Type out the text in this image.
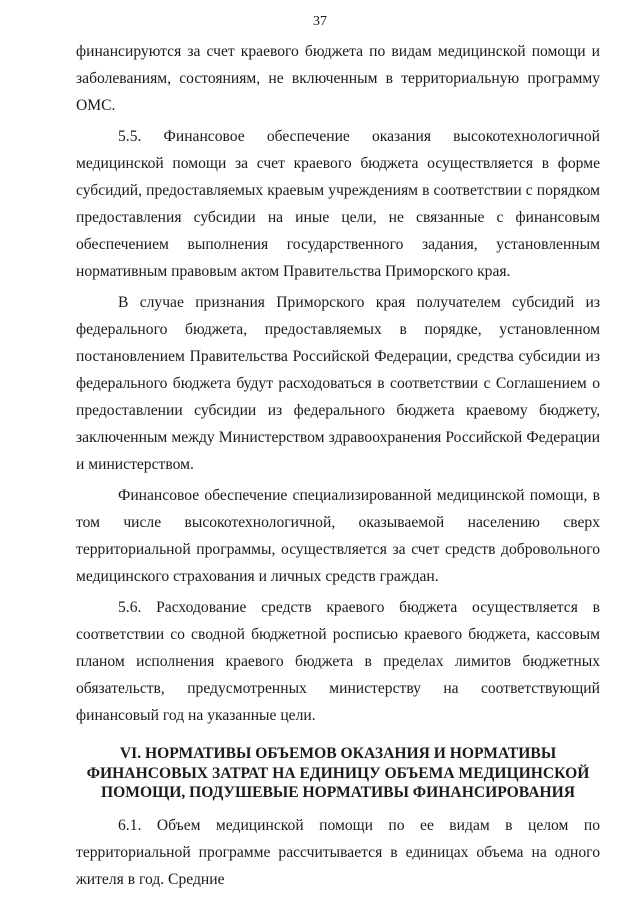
37

финансируются за счет краевого бюджета по видам медицинской помощи и заболеваниям, состояниям, не включенным в территориальную программу ОМС.

5.5. Финансовое обеспечение оказания высокотехнологичной медицинской помощи за счет краевого бюджета осуществляется в форме субсидий, предоставляемых краевым учреждениям в соответствии с порядком предоставления субсидии на иные цели, не связанные с финансовым обеспечением выполнения государственного задания, установленным нормативным правовым актом Правительства Приморского края.

В случае признания Приморского края получателем субсидий из федерального бюджета, предоставляемых в порядке, установленном постановлением Правительства Российской Федерации, средства субсидии из федерального бюджета будут расходоваться в соответствии с Соглашением о предоставлении субсидии из федерального бюджета краевому бюджету, заключенным между Министерством здравоохранения Российской Федерации и министерством.

Финансовое обеспечение специализированной медицинской помощи, в том числе высокотехнологичной, оказываемой населению сверх территориальной программы, осуществляется за счет средств добровольного медицинского страхования и личных средств граждан.

5.6. Расходование средств краевого бюджета осуществляется в соответствии со сводной бюджетной росписью краевого бюджета, кассовым планом исполнения краевого бюджета в пределах лимитов бюджетных обязательств, предусмотренных министерству на соответствующий финансовый год на указанные цели.

VI. НОРМАТИВЫ ОБЪЕМОВ ОКАЗАНИЯ И НОРМАТИВЫ
ФИНАНСОВЫХ ЗАТРАТ НА ЕДИНИЦУ ОБЪЕМА МЕДИЦИНСКОЙ
ПОМОЩИ, ПОДУШЕВЫЕ НОРМАТИВЫ ФИНАНСИРОВАНИЯ

6.1. Объем медицинской помощи по ее видам в целом по территориальной программе рассчитывается в единицах объема на одного жителя в год. Средние
